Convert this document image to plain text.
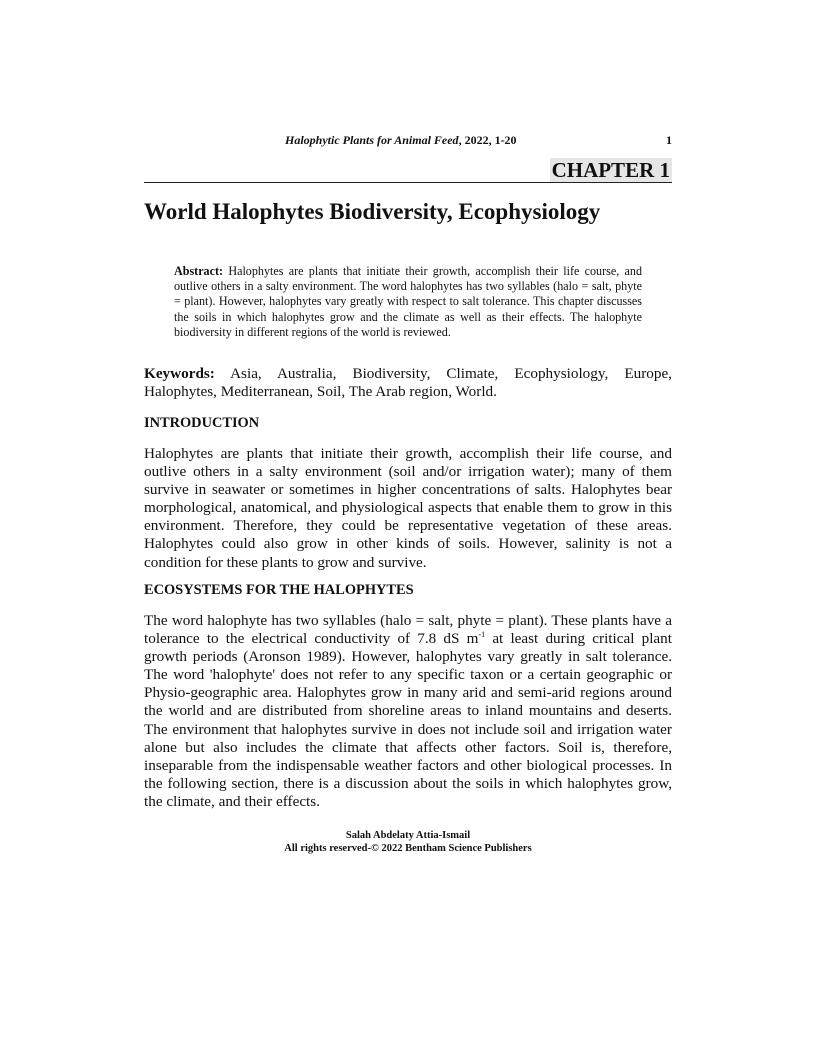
Halophytic Plants for Animal Feed, 2022, 1-20	1
CHAPTER 1
World Halophytes Biodiversity, Ecophysiology

Abstract: Halophytes are plants that initiate their growth, accomplish their life course, and outlive others in a salty environment. The word halophytes has two syllables (halo = salt, phyte = plant). However, halophytes vary greatly with respect to salt tolerance. This chapter discusses the soils in which halophytes grow and the climate as well as their effects. The halophyte biodiversity in different regions of the world is reviewed.

Keywords: Asia, Australia, Biodiversity, Climate, Ecophysiology, Europe, Halophytes, Mediterranean, Soil, The Arab region, World.

INTRODUCTION

Halophytes are plants that initiate their growth, accomplish their life course, and outlive others in a salty environment (soil and/or irrigation water); many of them survive in seawater or sometimes in higher concentrations of salts. Halophytes bear morphological, anatomical, and physiological aspects that enable them to grow in this environment. Therefore, they could be representative vegetation of these areas. Halophytes could also grow in other kinds of soils. However, salinity is not a condition for these plants to grow and survive.

ECOSYSTEMS FOR THE HALOPHYTES

The word halophyte has two syllables (halo = salt, phyte = plant). These plants have a tolerance to the electrical conductivity of 7.8 dS $m^{-1}$ at least during critical plant growth periods (Aronson 1989). However, halophytes vary greatly in salt tolerance. The word 'halophyte' does not refer to any specific taxon or a certain geographic or Physio-geographic area. Halophytes grow in many arid and semi-arid regions around the world and are distributed from shoreline areas to inland mountains and deserts. The environment that halophytes survive in does not include soil and irrigation water alone but also includes the climate that affects other factors. Soil is, therefore, inseparable from the indispensable weather factors and other biological processes. In the following section, there is a discussion about the soils in which halophytes grow, the climate, and their effects.

Salah Abdelaty Attia-Ismail
All rights reserved-© 2022 Bentham Science Publishers
